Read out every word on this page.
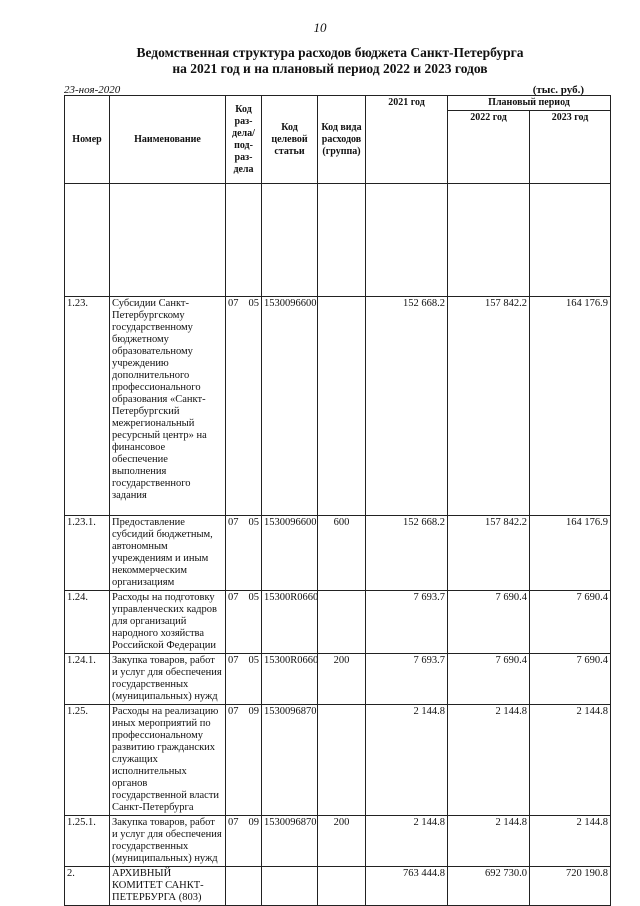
10
Ведомственная структура расходов бюджета Санкт-Петербурга
на 2021 год и на плановый период 2022 и 2023 годов
23-ноя-2020	(тыс. руб.)
Номер	Наименование	Код раз-дела/ под-раз-дела	Код целевой статьи	Код вида расходов (группа)	2021 год	Плановый период	
						2022 год	2023 год

1.23.	Субсидии Санкт-Петербургскому государственному бюджетному образовательному учреждению дополнительного профессионального образования «Санкт-Петербургский межрегиональный ресурсный центр» на финансовое обеспечение выполнения государственного задания	07 05	1530096600		152 668.2	157 842.2	164 176.9
1.23.1.	Предоставление субсидий бюджетным, автономным учреждениям и иным некоммерческим организациям	07 05	1530096600	600	152 668.2	157 842.2	164 176.9
1.24.	Расходы на подготовку управленческих кадров для организаций народного хозяйства Российской Федерации	07 05	15300R0660		7 693.7	7 690.4	7 690.4
1.24.1.	Закупка товаров, работ и услуг для обеспечения государственных (муниципальных) нужд	07 05	15300R0660	200	7 693.7	7 690.4	7 690.4
1.25.	Расходы на реализацию иных мероприятий по профессиональному развитию гражданских служащих исполнительных органов государственной власти Санкт-Петербурга	07 09	1530096870		2 144.8	2 144.8	2 144.8
1.25.1.	Закупка товаров, работ и услуг для обеспечения государственных (муниципальных) нужд	07 09	1530096870	200	2 144.8	2 144.8	2 144.8
2.	АРХИВНЫЙ КОМИТЕТ САНКТ-ПЕТЕРБУРГА (803)				763 444.8	692 730.0	720 190.8
